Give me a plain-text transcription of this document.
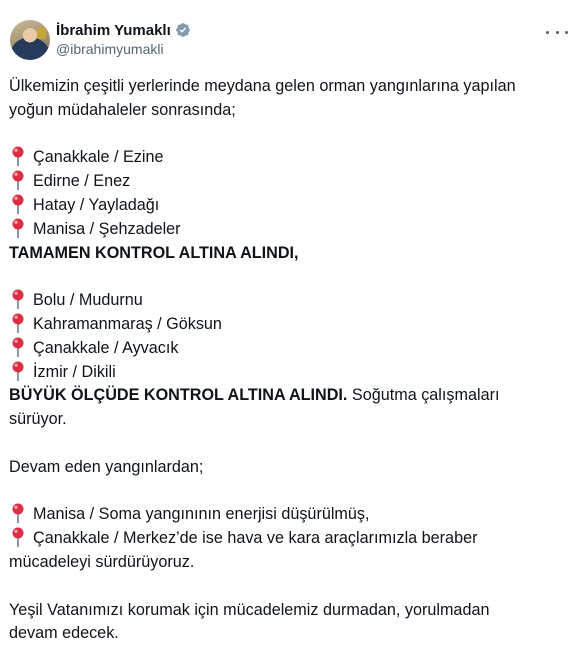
İbrahim Yumaklı
@ibrahimyumakli
Ülkemizin çeşitli yerlerinde meydana gelen orman yangınlarına yapılan
yoğun müdahaleler sonrasında;
Çanakkale / Ezine
Edirne / Enez
Hatay / Yayladağı
Manisa / Şehzadeler
TAMAMEN KONTROL ALTINA ALINDI,
Bolu / Mudurnu
Kahramanmaraş / Göksun
Çanakkale / Ayvacık
İzmir / Dikili
BÜYÜK ÖLÇÜDE KONTROL ALTINA ALINDI. Soğutma çalışmaları
sürüyor.
Devam eden yangınlardan;
Manisa / Soma yangınının enerjisi düşürülmüş,
Çanakkale / Merkez’de ise hava ve kara araçlarımızla beraber
mücadeleyi sürdürüyoruz.
Yeşil Vatanımızı korumak için mücadelemiz durmadan, yorulmadan
devam edecek.
